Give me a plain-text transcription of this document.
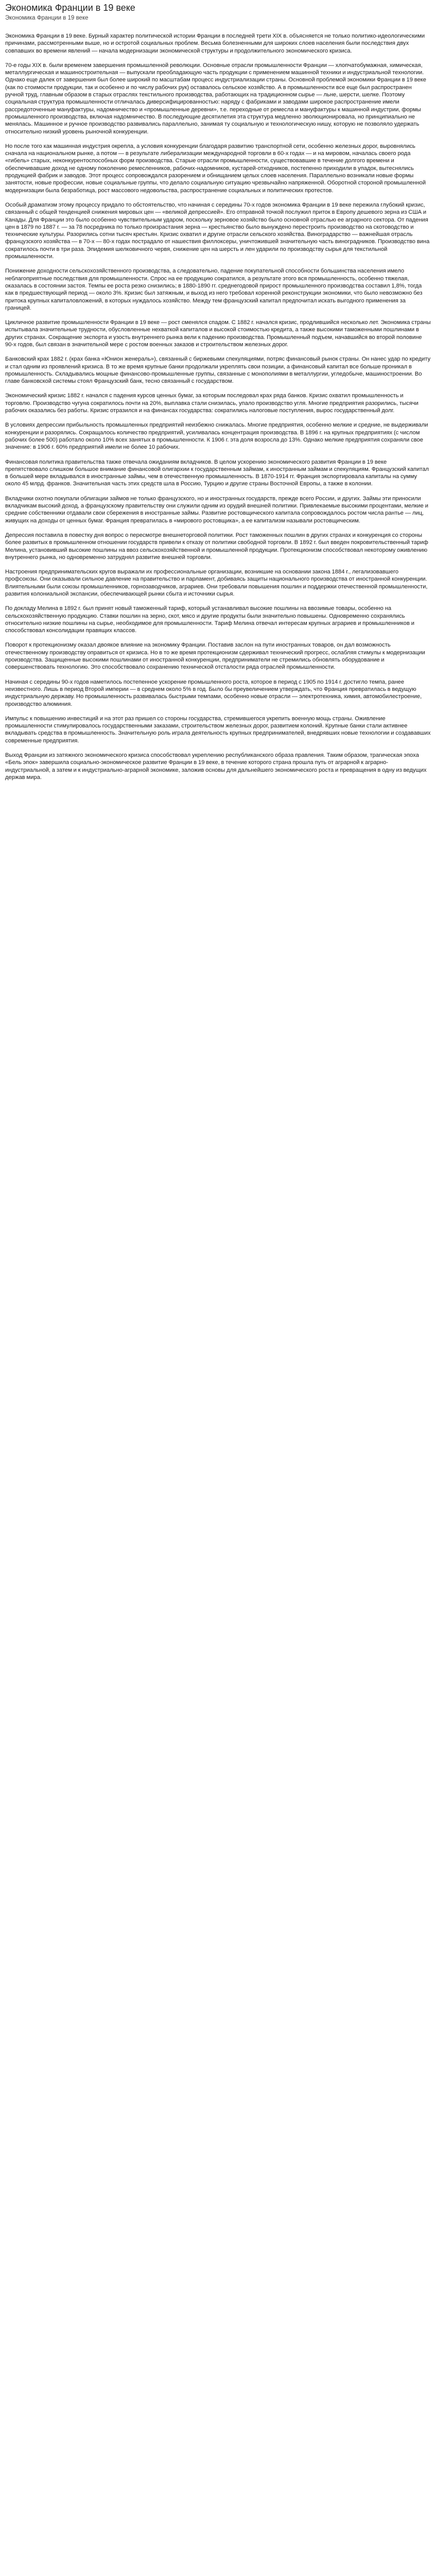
Экономика Франции в 19 веке
Экономика Франции в 19 веке

Экономика Франции в 19 веке. Бурный характер политической истории Франции в последней трети XIX в. объясняется не только политико-идеологическими причинами, рассмотренными выше, но и остротой социальных проблем. Весьма болезненными для широких слоев населения были последствия двух совпавших во времени явлений — начала модернизации экономической структуры и продолжительного экономического кризиса.

70-е годы XIX в. были временем завершения промышленной революции. Основные отрасли промышленности Франции — хлопчатобумажная, химическая, металлургическая и машиностроительная — выпускали преобладающую часть продукции с применением машинной техники и индустриальной технологии. Однако еще далек от завершения был более широкий по масштабам процесс индустриализации страны. Основной проблемой экономики Франции в 19 веке (как по стоимости продукции, так и особенно и по числу рабочих рук) оставалось сельское хозяйство. А в промышленности все еще был распространен ручной труд, главным образом в старых отраслях текстильного производства, работающих на традиционном сырье — льне, шерсти, шелке. Поэтому социальная структура промышленности отличалась диверсифицированностью: наряду с фабриками и заводами широкое распространение имели рассредоточенные мануфактуры, надомничество и «промышленные деревни», т.е. переходные от ремесла и мануфактуры к машинной индустрии, формы промышленного производства, включая надомничество. В последующие десятилетия эта структура медленно эволюционировала, но принципиально не менялась. Машинное и ручное производство развивались параллельно, занимая ту социальную и технологическую нишу, которую не позволяло удержать относительно низкий уровень рыночной конкуренции.

Но после того как машинная индустрия окрепла, а условия конкуренции благодаря развитию транспортной сети, особенно железных дорог, выровнялись сначала на национальном рынке, а потом — в результате либерализации международной торговли в 60-х годах — и на мировом, началась своего рода «гибель» старых, неконкурентоспособных форм производства. Старые отрасли промышленности, существовавшие в течение долгого времени и обеспечивавшие доход не одному поколению ремесленников, рабочих-надомников, кустарей-отходников, постепенно приходили в упадок, вытеснялись продукцией фабрик и заводов. Этот процесс сопровождался разорением и обнищанием целых слоев населения. Параллельно возникали новые формы занятости, новые профессии, новые социальные группы, что делало социальную ситуацию чрезвычайно напряженной. Оборотной стороной промышленной модернизации была безработица, рост массового недовольства, распространение социальных и политических протестов.

Особый драматизм этому процессу придало то обстоятельство, что начиная с середины 70-х годов экономика Франции в 19 веке пережила глубокий кризис, связанный с общей тенденцией снижения мировых цен — «великой депрессией». Его отправной точкой послужил приток в Европу дешевого зерна из США и Канады. Для Франции это было особенно чувствительным ударом, поскольку зерновое хозяйство было основной отраслью ее аграрного сектора. От падения цен в 1879 по 1887 г. — за 78 посредника по только произрастания зерна — крестьянство было вынуждено перестроить производство на скотоводство и технические культуры. Разорились сотни тысяч крестьян. Кризис охватил и другие отрасли сельского хозяйства. Виноградарство — важнейшая отрасль французского хозяйства — в 70-х — 80-х годах пострадало от нашествия филлоксеры, уничтожившей значительную часть виноградников. Производство вина сократилось почти в три раза. Эпидемия шелковичного червя, снижение цен на шерсть и лен ударили по производству сырья для текстильной промышленности.

Понижение доходности сельскохозяйственного производства, а следовательно, падение покупательной способности большинства населения имело неблагоприятные последствия для промышленности. Спрос на ее продукцию сократился, а результате этого вся промышленность, особенно тяжелая, оказалась в состоянии застоя. Темпы ее роста резко снизились; в 1880-1890 гг. среднегодовой прирост промышленного производства составил 1,8%, тогда как в предшествующий период — около 3%. Кризис был затяжным, и выход из него требовал коренной реконструкции экономики, что было невозможно без притока крупных капиталовложений, в которых нуждалось хозяйство. Между тем французский капитал предпочитал искать выгодного применения за границей.

Цикличное развитие промышленности Франции в 19 веке — рост сменялся спадом. С 1882 г. начался кризис, продлившийся несколько лет. Экономика страны испытывала значительные трудности, обусловленные нехваткой капиталов и высокой стоимостью кредита, а также высокими таможенными пошлинами в других странах. Сокращение экспорта и узость внутреннего рынка вели к падению производства. Промышленный подъем, начавшийся во второй половине 90-х годов, был связан в значительной мере с ростом военных заказов и строительством железных дорог.

Банковский крах 1882 г. (крах банка «Юнион женераль»), связанный с биржевыми спекуляциями, потряс финансовый рынок страны. Он нанес удар по кредиту и стал одним из проявлений кризиса. В то же время крупные банки продолжали укреплять свои позиции, а финансовый капитал все больше проникал в промышленность. Складывались мощные финансово-промышленные группы, связанные с монополиями в металлургии, угледобыче, машиностроении. Во главе банковской системы стоял Французский банк, тесно связанный с государством.

Экономический кризис 1882 г. начался с падения курсов ценных бумаг, за которым последовал крах ряда банков. Кризис охватил промышленность и торговлю. Производство чугуна сократилось почти на 20%, выплавка стали снизилась, упало производство угля. Многие предприятия разорились, тысячи рабочих оказались без работы. Кризис отразился и на финансах государства: сократились налоговые поступления, вырос государственный долг.

В условиях депрессии прибыльность промышленных предприятий неизбежно снижалась. Многие предприятия, особенно мелкие и средние, не выдерживали конкуренции и разорялись. Сокращалось количество предприятий, усиливалась концентрация производства. В 1896 г. на крупных предприятиях (с числом рабочих более 500) работало около 10% всех занятых в промышленности. К 1906 г. эта доля возросла до 13%. Однако мелкие предприятия сохраняли свое значение: в 1906 г. 60% предприятий имели не более 10 рабочих.

Финансовая политика правительства также отвечала ожиданиям вкладчиков. В целом ускорению экономического развития Франции в 19 веке препятствовало слишком большое внимание финансовой олигархии к государственным займам, к иностранным займам и спекуляциям. Французский капитал в большей мере вкладывался в иностранные займы, чем в отечественную промышленность. В 1870-1914 гг. Франция экспортировала капиталы на сумму около 45 млрд. франков. Значительная часть этих средств шла в Россию, Турцию и другие страны Восточной Европы, а также в колонии.

Вкладчики охотно покупали облигации займов не только французского, но и иностранных государств, прежде всего России, и других. Займы эти приносили вкладчикам высокий доход, а французскому правительству они служили одним из орудий внешней политики. Привлекаемые высокими процентами, мелкие и средние собственники отдавали свои сбережения в иностранные займы. Развитие ростовщического капитала сопровождалось ростом числа рантье — лиц, живущих на доходы от ценных бумаг. Франция превратилась в «мирового ростовщика», а ее капитализм называли ростовщическим.

Депрессия поставила в повестку дня вопрос о пересмотре внешнеторговой политики. Рост таможенных пошлин в других странах и конкуренция со стороны более развитых в промышленном отношении государств привели к отказу от политики свободной торговли. В 1892 г. был введен покровительственный тариф Мелина, установивший высокие пошлины на ввоз сельскохозяйственной и промышленной продукции. Протекционизм способствовал некоторому оживлению внутреннего рынка, но одновременно затруднял развитие внешней торговли.

Настроения предпринимательских кругов выражали их профессиональные организации, возникшие на основании закона 1884 г., легализовавшего профсоюзы. Они оказывали сильное давление на правительство и парламент, добиваясь защиты национального производства от иностранной конкуренции. Влиятельными были союзы промышленников, горнозаводчиков, аграриев. Они требовали повышения пошлин и поддержки отечественной промышленности, развития колониальной экспансии, обеспечивающей рынки сбыта и источники сырья.

По докладу Мелина в 1892 г. был принят новый таможенный тариф, который устанавливал высокие пошлины на ввозимые товары, особенно на сельскохозяйственную продукцию. Ставки пошлин на зерно, скот, мясо и другие продукты были значительно повышены. Одновременно сохранялись относительно низкие пошлины на сырье, необходимое для промышленности. Тариф Мелина отвечал интересам крупных аграриев и промышленников и способствовал консолидации правящих классов.

Поворот к протекционизму оказал двоякое влияние на экономику Франции. Поставив заслон на пути иностранных товаров, он дал возможность отечественному производству оправиться от кризиса. Но в то же время протекционизм сдерживал технический прогресс, ослабляя стимулы к модернизации производства. Защищенные высокими пошлинами от иностранной конкуренции, предприниматели не стремились обновлять оборудование и совершенствовать технологию. Это способствовало сохранению технической отсталости ряда отраслей промышленности.

Начиная с середины 90-х годов наметилось постепенное ускорение промышленного роста, которое в период с 1905 по 1914 г. достигло темпа, ранее неизвестного. Лишь в период Второй империи — в среднем около 5% в год. Было бы преувеличением утверждать, что Франция превратилась в ведущую индустриальную державу. Но промышленность развивалась быстрыми темпами, особенно новые отрасли — электротехника, химия, автомобилестроение, производство алюминия.

Импульс к повышению инвестиций и на этот раз пришел со стороны государства, стремившегося укрепить военную мощь страны. Оживление промышленности стимулировалось государственными заказами, строительством железных дорог, развитием колоний. Крупные банки стали активнее вкладывать средства в промышленность. Значительную роль играла деятельность крупных предпринимателей, внедрявших новые технологии и создававших современные предприятия.

Выход Франции из затяжного экономического кризиса способствовал укреплению республиканского образа правления. Таким образом, трагическая эпоха «Бель эпок» завершила социально-экономическое развитие Франции в 19 веке, в течение которого страна прошла путь от аграрной к аграрно-индустриальной, а затем и к индустриально-аграрной экономике, заложив основы для дальнейшего экономического роста и превращения в одну из ведущих держав мира.
